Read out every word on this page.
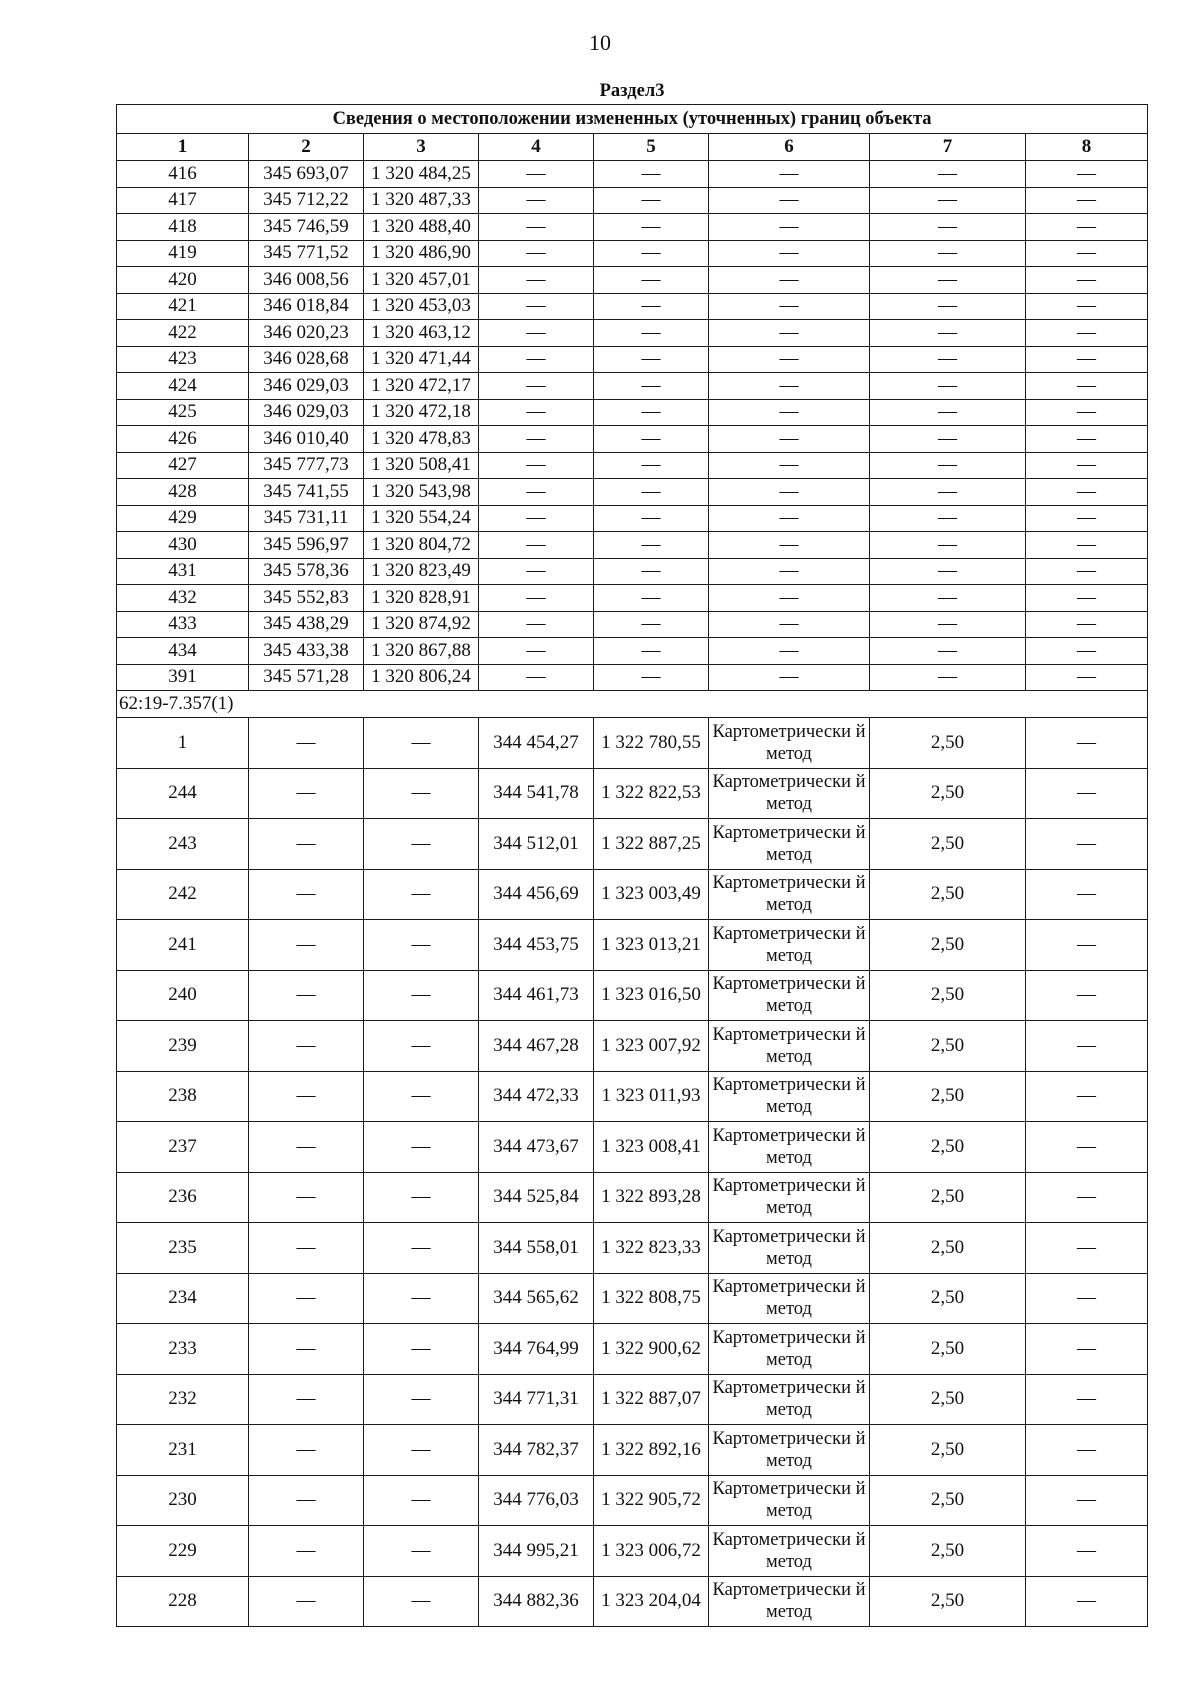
10
Раздел3							
Сведения о местоположении измененных (уточненных) границ объекта							
1	2	3	4	5	6	7	8
416	345 693,07	1 320 484,25	—	—	—	—	—
417	345 712,22	1 320 487,33	—	—	—	—	—
418	345 746,59	1 320 488,40	—	—	—	—	—
419	345 771,52	1 320 486,90	—	—	—	—	—
420	346 008,56	1 320 457,01	—	—	—	—	—
421	346 018,84	1 320 453,03	—	—	—	—	—
422	346 020,23	1 320 463,12	—	—	—	—	—
423	346 028,68	1 320 471,44	—	—	—	—	—
424	346 029,03	1 320 472,17	—	—	—	—	—
425	346 029,03	1 320 472,18	—	—	—	—	—
426	346 010,40	1 320 478,83	—	—	—	—	—
427	345 777,73	1 320 508,41	—	—	—	—	—
428	345 741,55	1 320 543,98	—	—	—	—	—
429	345 731,11	1 320 554,24	—	—	—	—	—
430	345 596,97	1 320 804,72	—	—	—	—	—
431	345 578,36	1 320 823,49	—	—	—	—	—
432	345 552,83	1 320 828,91	—	—	—	—	—
433	345 438,29	1 320 874,92	—	—	—	—	—
434	345 433,38	1 320 867,88	—	—	—	—	—
391	345 571,28	1 320 806,24	—	—	—	—	—
62:19-7.357(1)							
1	—	—	344 454,27	1 322 780,55	Картометрически й метод	2,50	—
244	—	—	344 541,78	1 322 822,53	Картометрически й метод	2,50	—
243	—	—	344 512,01	1 322 887,25	Картометрически й метод	2,50	—
242	—	—	344 456,69	1 323 003,49	Картометрически й метод	2,50	—
241	—	—	344 453,75	1 323 013,21	Картометрически й метод	2,50	—
240	—	—	344 461,73	1 323 016,50	Картометрически й метод	2,50	—
239	—	—	344 467,28	1 323 007,92	Картометрически й метод	2,50	—
238	—	—	344 472,33	1 323 011,93	Картометрически й метод	2,50	—
237	—	—	344 473,67	1 323 008,41	Картометрически й метод	2,50	—
236	—	—	344 525,84	1 322 893,28	Картометрически й метод	2,50	—
235	—	—	344 558,01	1 322 823,33	Картометрически й метод	2,50	—
234	—	—	344 565,62	1 322 808,75	Картометрически й метод	2,50	—
233	—	—	344 764,99	1 322 900,62	Картометрически й метод	2,50	—
232	—	—	344 771,31	1 322 887,07	Картометрически й метод	2,50	—
231	—	—	344 782,37	1 322 892,16	Картометрически й метод	2,50	—
230	—	—	344 776,03	1 322 905,72	Картометрически й метод	2,50	—
229	—	—	344 995,21	1 323 006,72	Картометрически й метод	2,50	—
228	—	—	344 882,36	1 323 204,04	Картометрически й метод	2,50	—
